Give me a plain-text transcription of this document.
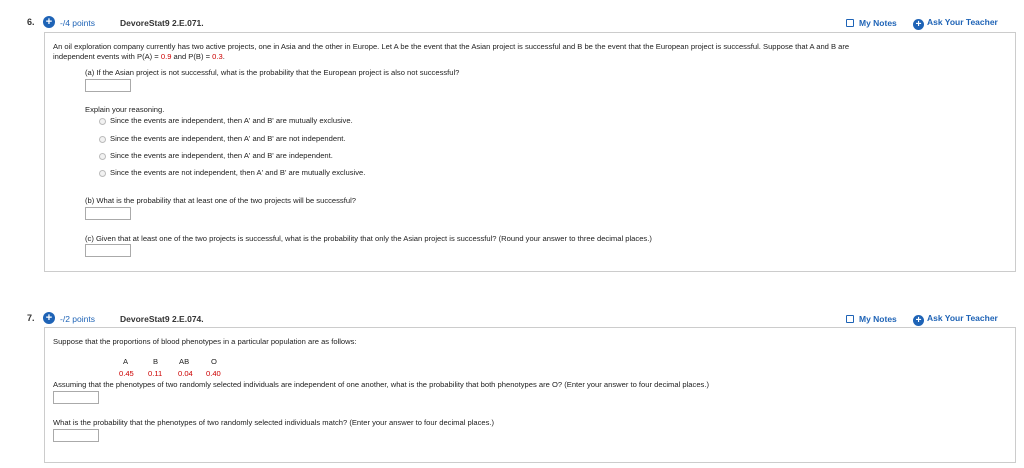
6. + -/4 points	DevoreStat9 2.E.071.	My Notes + Ask Your Teacher
An oil exploration company currently has two active projects, one in Asia and the other in Europe. Let A be the event that the Asian project is successful and B be the event that the European project is successful. Suppose that A and B are
independent events with P(A) = 0.9 and P(B) = 0.3.
(a) If the Asian project is not successful, what is the probability that the European project is also not successful?
Explain your reasoning.
Since the events are independent, then A' and B' are mutually exclusive.
Since the events are independent, then A' and B' are not independent.
Since the events are independent, then A' and B' are independent.
Since the events are not independent, then A' and B' are mutually exclusive.
(b) What is the probability that at least one of the two projects will be successful?
(c) Given that at least one of the two projects is successful, what is the probability that only the Asian project is successful? (Round your answer to three decimal places.)
7. + -/2 points	DevoreStat9 2.E.074.	My Notes + Ask Your Teacher
Suppose that the proportions of blood phenotypes in a particular population are as follows:
A	B	AB	O
0.45 0.11 0.04 0.40
Assuming that the phenotypes of two randomly selected individuals are independent of one another, what is the probability that both phenotypes are O? (Enter your answer to four decimal places.)
What is the probability that the phenotypes of two randomly selected individuals match? (Enter your answer to four decimal places.)
